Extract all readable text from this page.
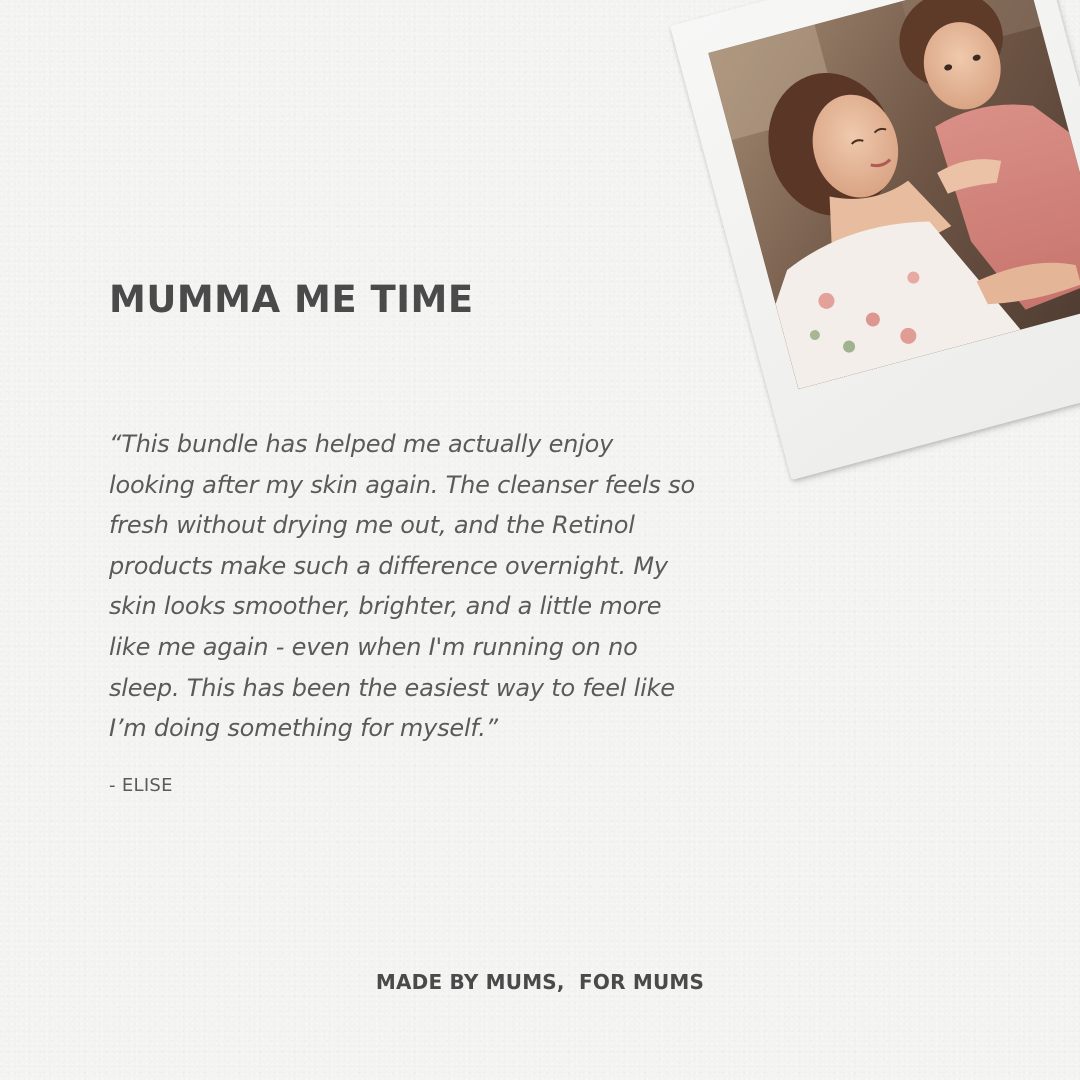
MUMMA ME TIME

“This bundle has helped me actually enjoy
looking after my skin again. The cleanser feels so
fresh without drying me out, and the Retinol
products make such a difference overnight. My
skin looks smoother, brighter, and a little more
like me again - even when I'm running on no
sleep. This has been the easiest way to feel like
I’m doing something for myself.”

- ELISE

MADE BY MUMS,  FOR MUMS
